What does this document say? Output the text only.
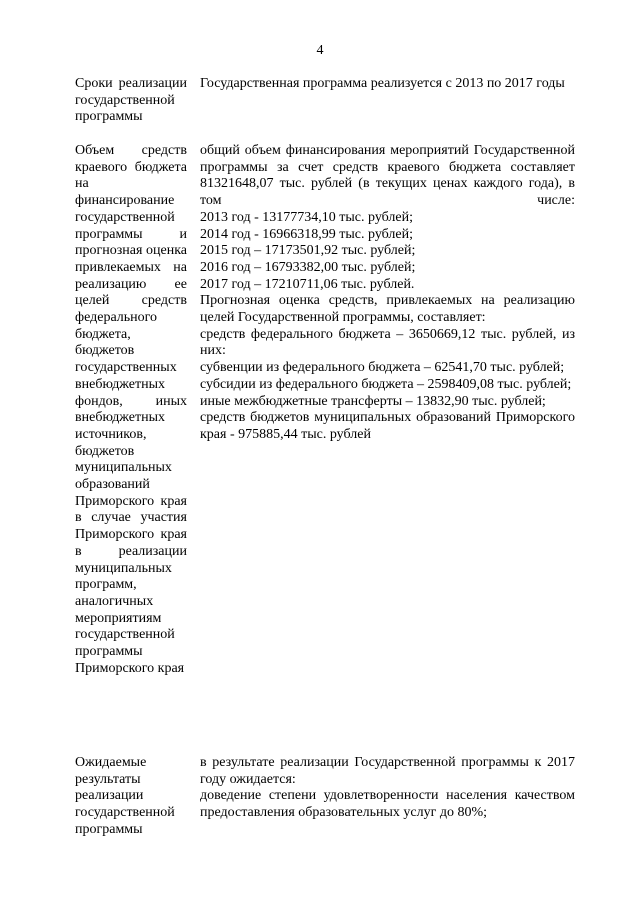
4
Сроки реализации государственной программы

Государственная программа реализуется с 2013 по 2017 годы

Объем средств краевого бюджета на финансирование государственной программы и прогнозная оценка привлекаемых на реализацию ее целей средств федерального бюджета, бюджетов государственных внебюджетных фондов, иных внебюджетных источников, бюджетов муниципальных образований Приморского края в случае участия Приморского края в реализации муниципальных программ, аналогичных мероприятиям государственной программы Приморского края

общий объем финансирования мероприятий Государственной программы за счет средств краевого бюджета составляет 81321648,07 тыс. рублей (в текущих ценах каждого года), в том числе:

2013 год - 13177734,10 тыс. рублей;

2014 год - 16966318,99 тыс. рублей;

2015 год – 17173501,92 тыс. рублей;

2016 год – 16793382,00 тыс. рублей;

2017 год – 17210711,06 тыс. рублей.

Прогнозная оценка средств, привлекаемых на реализацию целей Государственной программы, составляет:

средств федерального бюджета – 3650669,12 тыс. рублей, из них:

субвенции из федерального бюджета – 62541,70 тыс. рублей;

субсидии из федерального бюджета – 2598409,08 тыс. рублей;

иные межбюджетные трансферты – 13832,90 тыс. рублей;

средств бюджетов муниципальных образований Приморского края - 975885,44 тыс. рублей

Ожидаемые результаты реализации государственной программы

в результате реализации Государственной программы к 2017 году ожидается:

доведение степени удовлетворенности населения качеством предоставления образовательных услуг до 80%;
